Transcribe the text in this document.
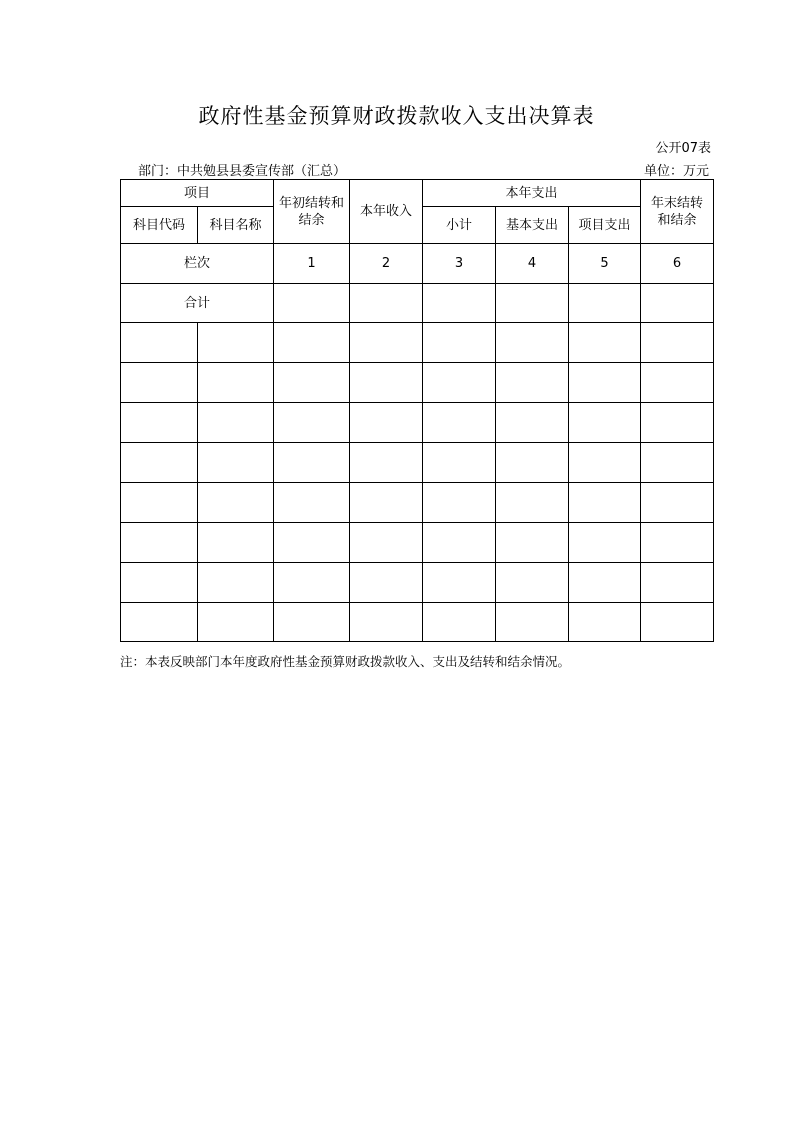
政府性基金预算财政拨款收入支出决算表
公开07表
部门：中共勉县县委宣传部（汇总）	单位：万元
项目		年初结转和结余	本年收入	本年支出			年末结转和结余
科目代码	科目名称			小计	基本支出	项目支出	
栏次		1	2	3	4	5	6
合计							

注：本表反映部门本年度政府性基金预算财政拨款收入、支出及结转和结余情况。
